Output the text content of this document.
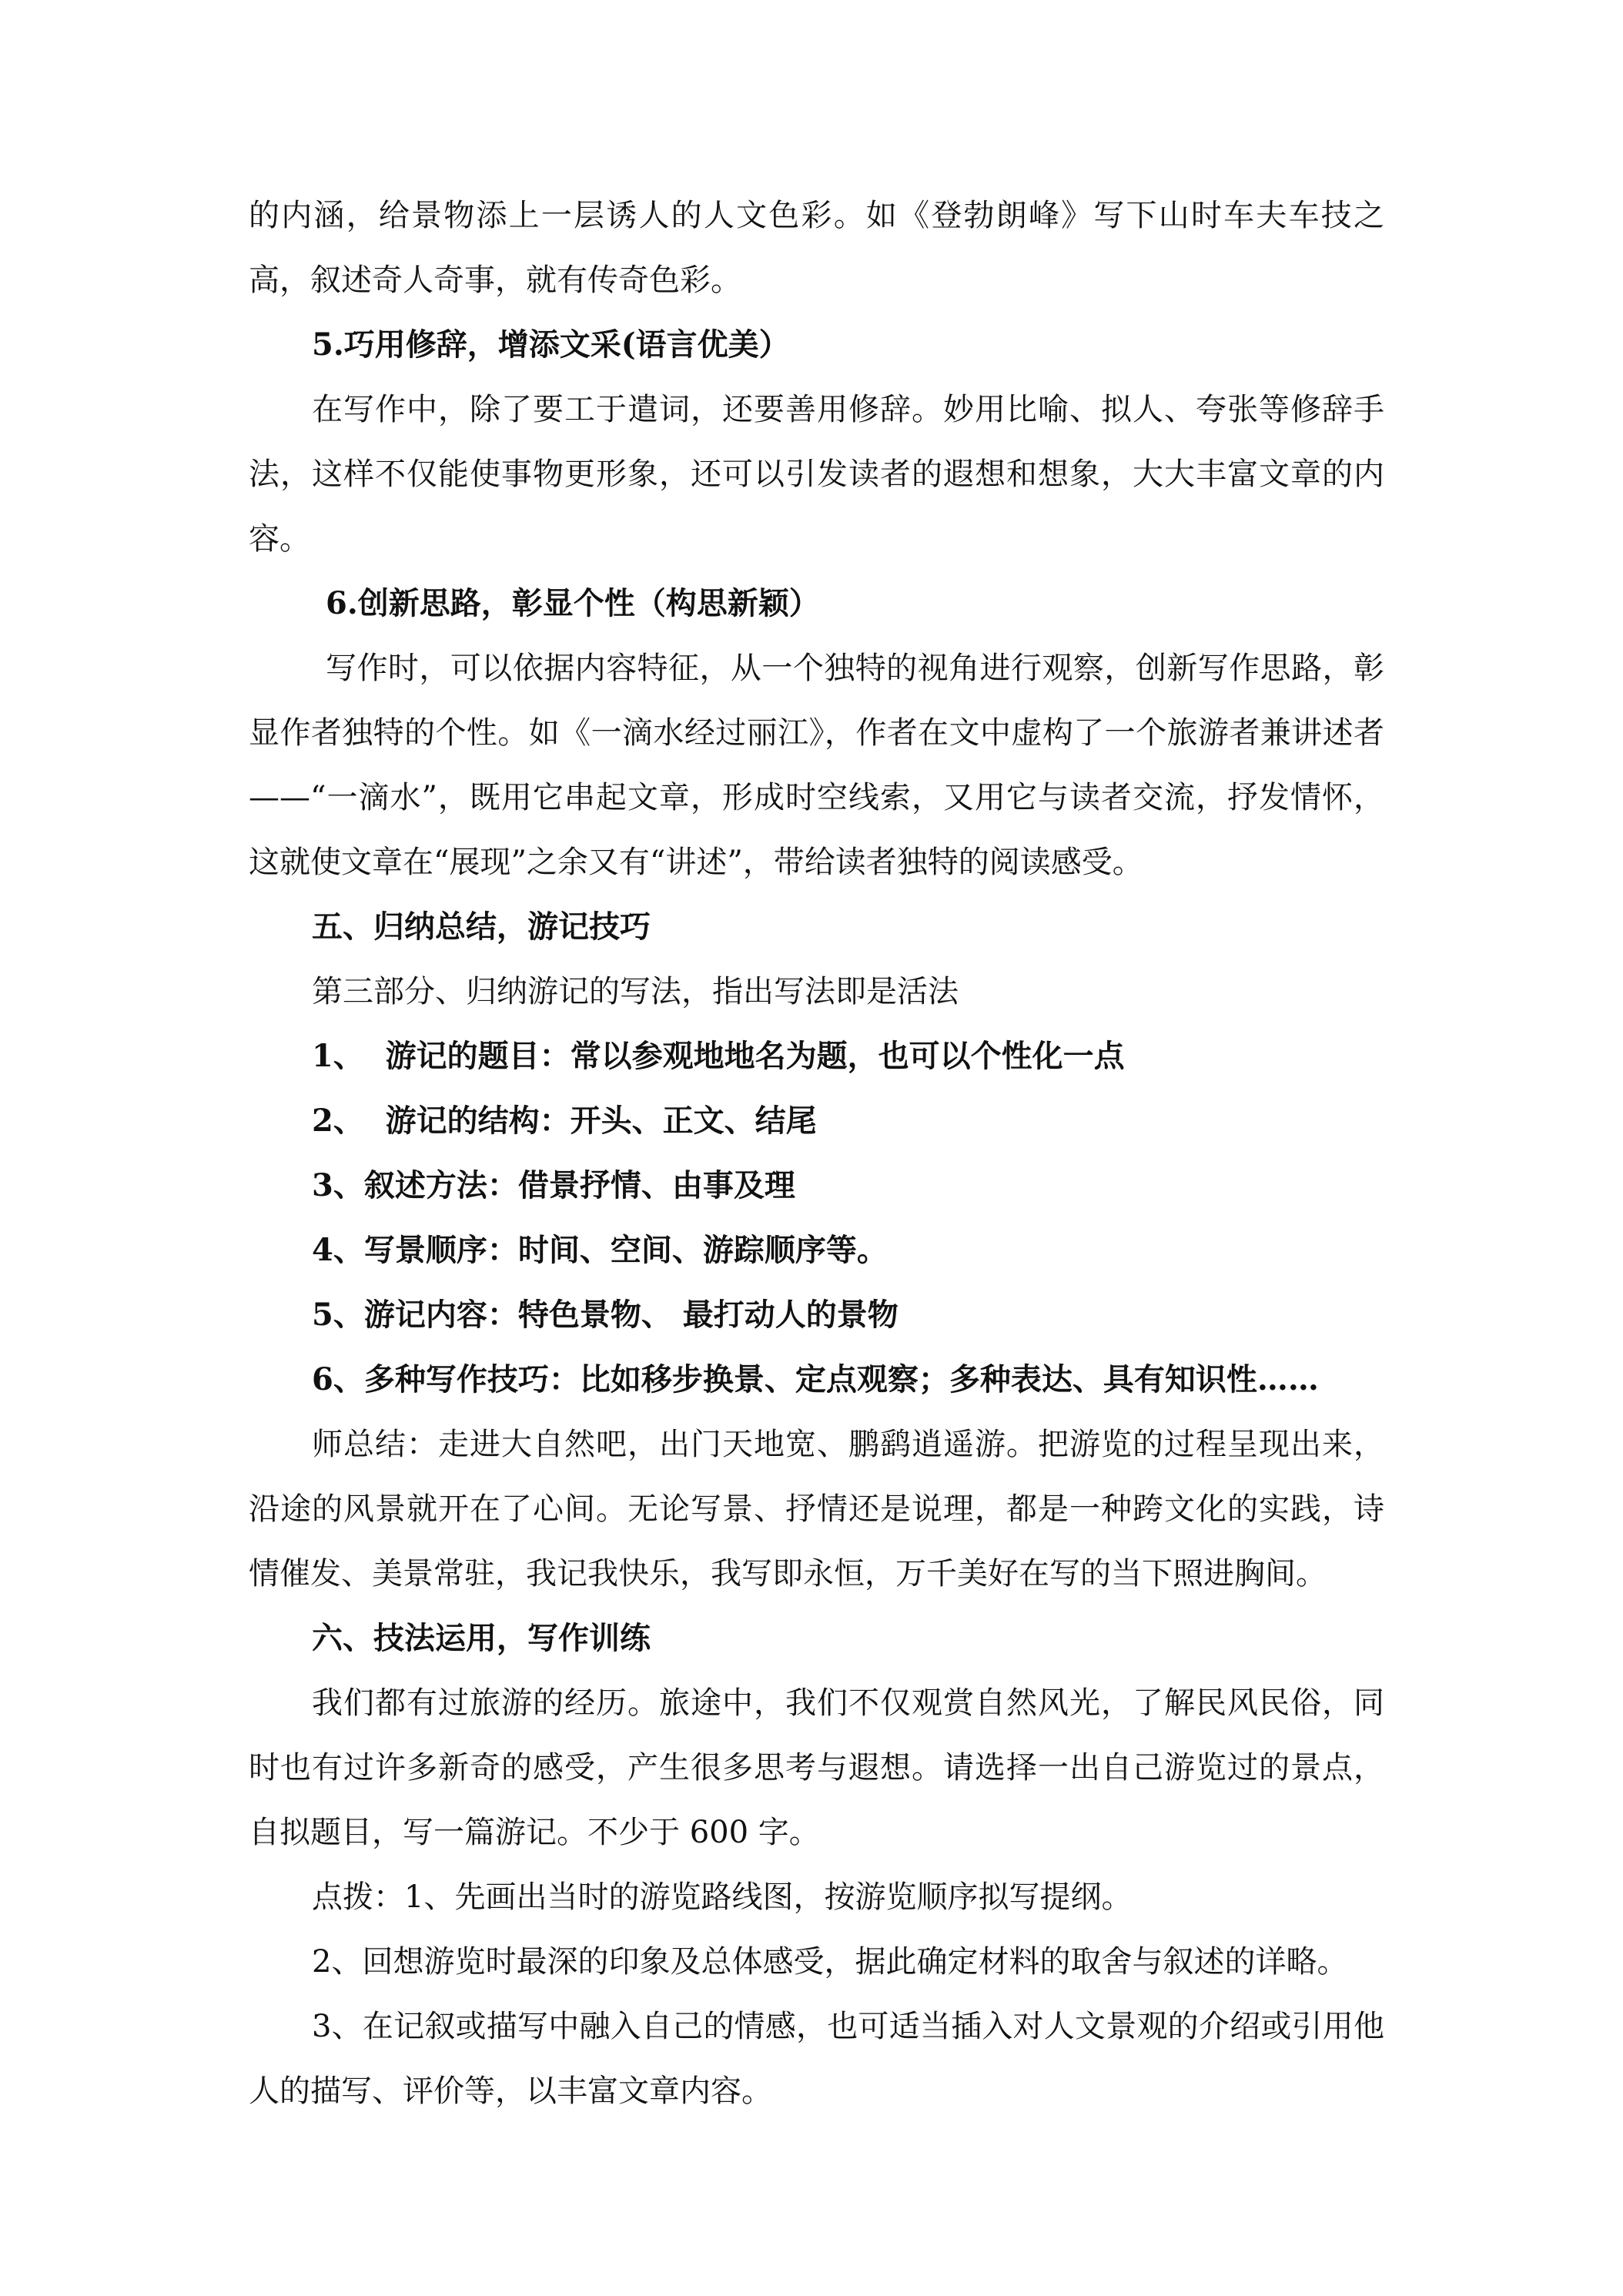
的内涵，给景物添上一层诱人的人文色彩。如《登勃朗峰》写下山时车夫车技之高，叙述奇人奇事，就有传奇色彩。

5.巧用修辞，增添文采(语言优美）

在写作中，除了要工于遣词，还要善用修辞。妙用比喻、拟人、夸张等修辞手法，这样不仅能使事物更形象，还可以引发读者的遐想和想象，大大丰富文章的内容。

6.创新思路，彰显个性（构思新颖）

写作时，可以依据内容特征，从一个独特的视角进行观察，创新写作思路，彰显作者独特的个性。如《一滴水经过丽江》，作者在文中虚构了一个旅游者兼讲述者——“一滴水”，既用它串起文章，形成时空线索，又用它与读者交流，抒发情怀，这就使文章在“展现”之余又有“讲述”，带给读者独特的阅读感受。

五、归纳总结，游记技巧

第三部分、归纳游记的写法，指出写法即是活法

1、  游记的题目：常以参观地地名为题，也可以个性化一点

2、  游记的结构：开头、正文、结尾

3、叙述方法：借景抒情、由事及理

4、写景顺序：时间、空间、游踪顺序等。

5、游记内容：特色景物、 最打动人的景物

6、多种写作技巧：比如移步换景、定点观察；多种表达、具有知识性……

师总结：走进大自然吧，出门天地宽、鹏鹞逍遥游。把游览的过程呈现出来，沿途的风景就开在了心间。无论写景、抒情还是说理，都是一种跨文化的实践，诗情催发、美景常驻，我记我快乐，我写即永恒，万千美好在写的当下照进胸间。

六、技法运用，写作训练

我们都有过旅游的经历。旅途中，我们不仅观赏自然风光，了解民风民俗，同时也有过许多新奇的感受，产生很多思考与遐想。请选择一出自己游览过的景点，自拟题目，写一篇游记。不少于 600 字。

点拨：1、先画出当时的游览路线图，按游览顺序拟写提纲。

2、回想游览时最深的印象及总体感受，据此确定材料的取舍与叙述的详略。

3、在记叙或描写中融入自己的情感，也可适当插入对人文景观的介绍或引用他人的描写、评价等，以丰富文章内容。
